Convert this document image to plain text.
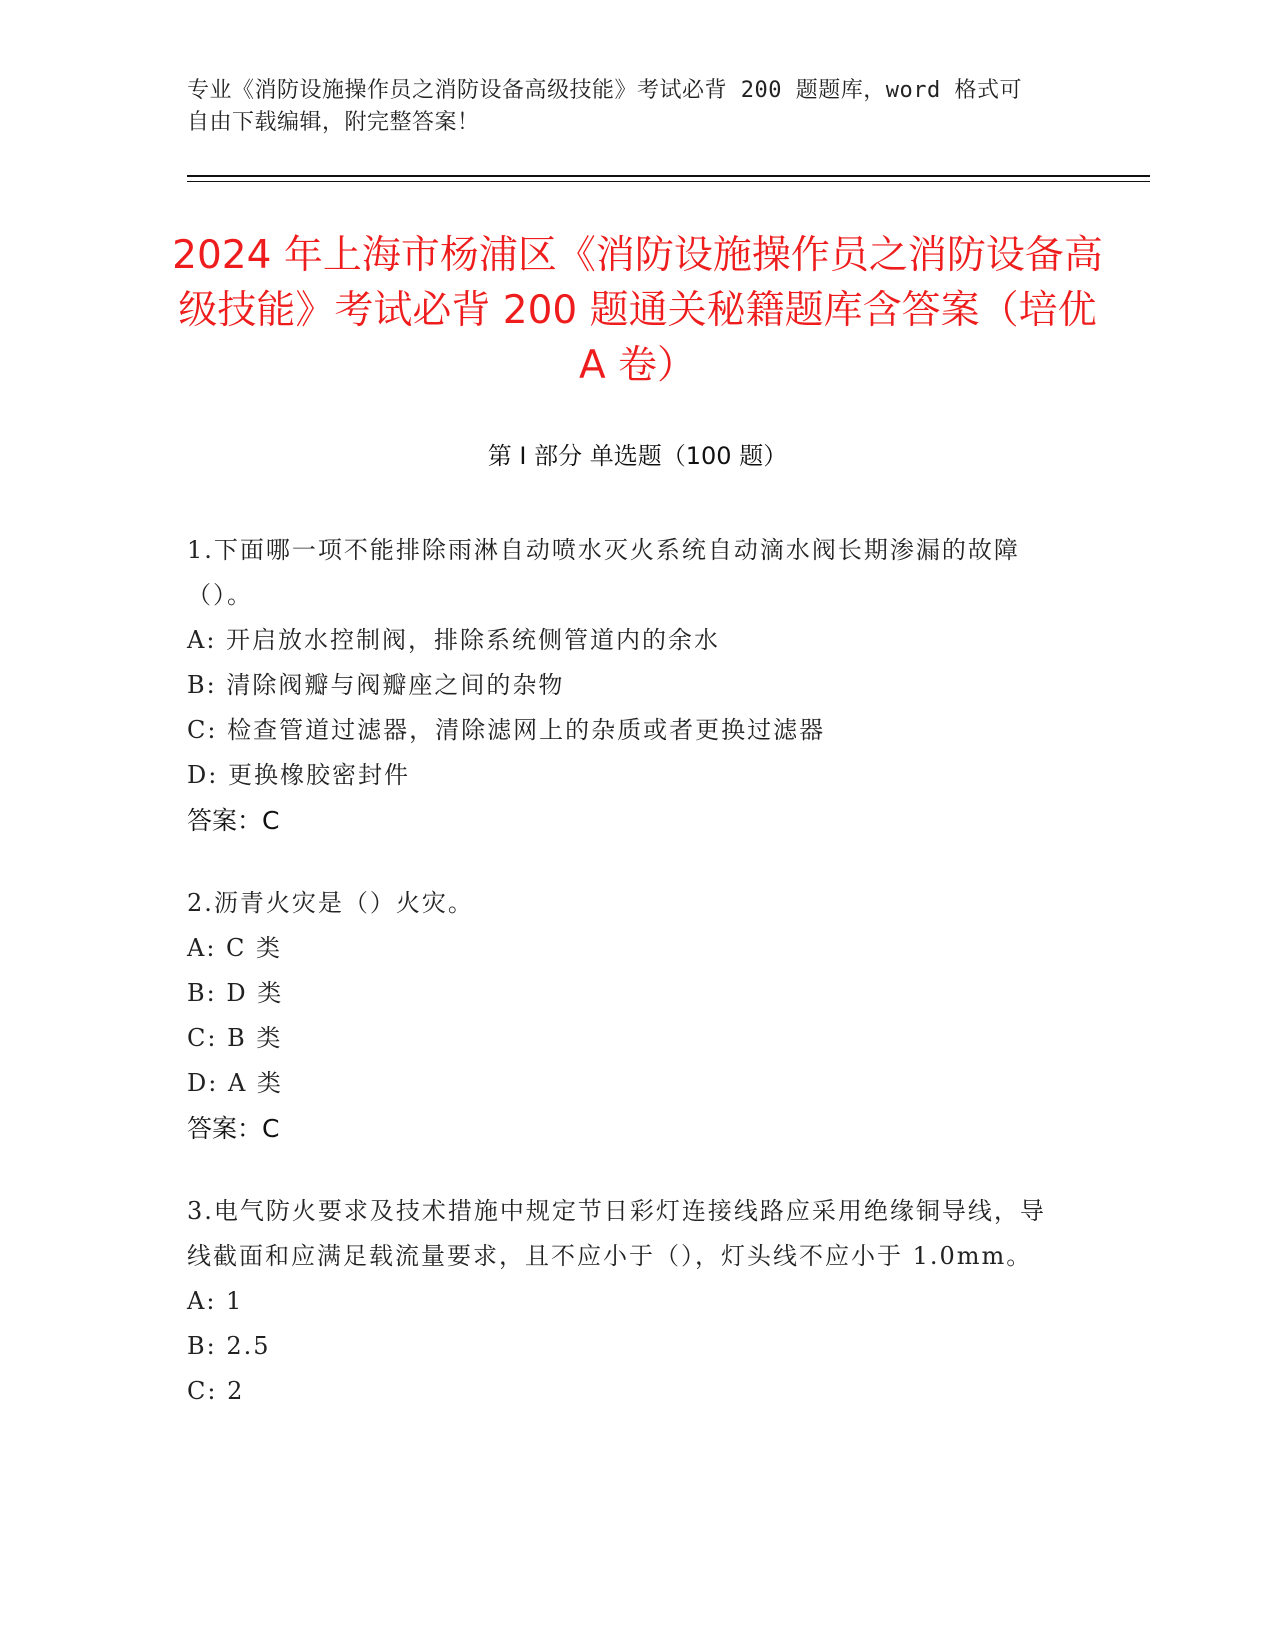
专业《消防设施操作员之消防设备高级技能》考试必背 200 题题库，word 格式可
自由下载编辑，附完整答案！
2024 年上海市杨浦区《消防设施操作员之消防设备高级技能》考试必背 200 题通关秘籍题库含答案（培优 A 卷）
第 I 部分 单选题（100 题）
1.下面哪一项不能排除雨淋自动喷水灭火系统自动滴水阀长期渗漏的故障（）。
A: 开启放水控制阀，排除系统侧管道内的余水
B: 清除阀瓣与阀瓣座之间的杂物
C: 检查管道过滤器，清除滤网上的杂质或者更换过滤器
D: 更换橡胶密封件
答案：C
2.沥青火灾是（）火灾。
A: C 类
B: D 类
C: B 类
D: A 类
答案：C
3.电气防火要求及技术措施中规定节日彩灯连接线路应采用绝缘铜导线，导线截面和应满足载流量要求，且不应小于（），灯头线不应小于 1.0mm。
A: 1
B: 2.5
C: 2
